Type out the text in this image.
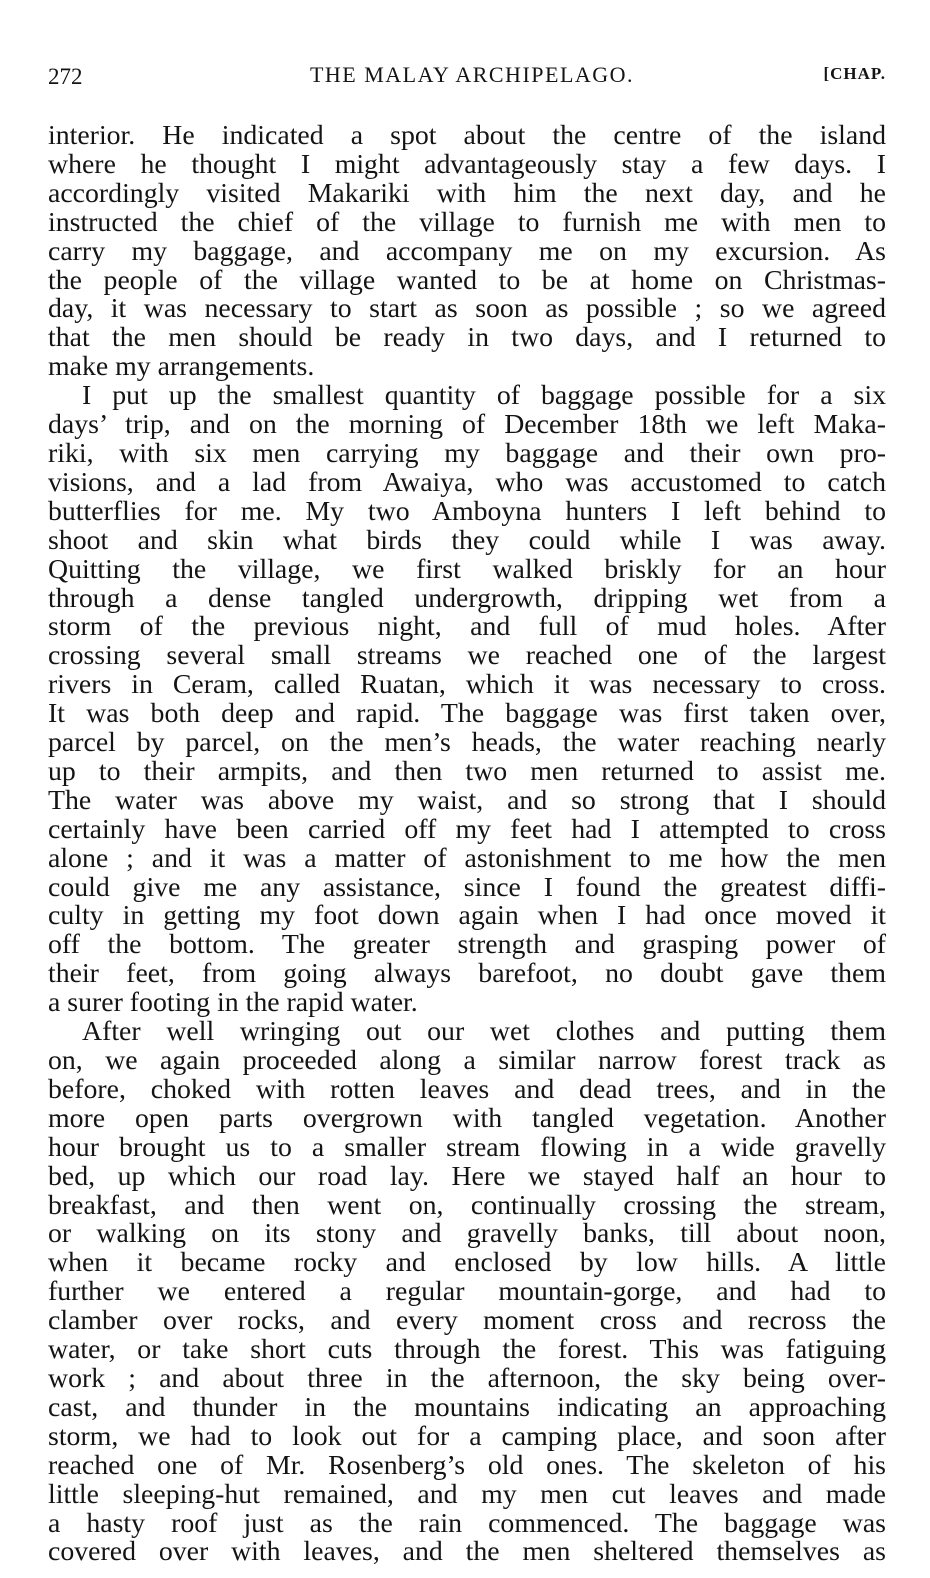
272	THE MALAY ARCHIPELAGO.	[CHAP.

interior. He indicated a spot about the centre of the island
where he thought I might advantageously stay a few days. I
accordingly visited Makariki with him the next day, and he
instructed the chief of the village to furnish me with men to
carry my baggage, and accompany me on my excursion. As
the people of the village wanted to be at home on Christmas-
day, it was necessary to start as soon as possible ; so we agreed
that the men should be ready in two days, and I returned to
make my arrangements.

I put up the smallest quantity of baggage possible for a six
days’ trip, and on the morning of December 18th we left Maka-
riki, with six men carrying my baggage and their own pro-
visions, and a lad from Awaiya, who was accustomed to catch
butterflies for me. My two Amboyna hunters I left behind to
shoot and skin what birds they could while I was away.
Quitting the village, we first walked briskly for an hour
through a dense tangled undergrowth, dripping wet from a
storm of the previous night, and full of mud holes. After
crossing several small streams we reached one of the largest
rivers in Ceram, called Ruatan, which it was necessary to cross.
It was both deep and rapid. The baggage was first taken over,
parcel by parcel, on the men’s heads, the water reaching nearly
up to their armpits, and then two men returned to assist me.
The water was above my waist, and so strong that I should
certainly have been carried off my feet had I attempted to cross
alone ; and it was a matter of astonishment to me how the men
could give me any assistance, since I found the greatest diffi-
culty in getting my foot down again when I had once moved it
off the bottom. The greater strength and grasping power of
their feet, from going always barefoot, no doubt gave them
a surer footing in the rapid water.

After well wringing out our wet clothes and putting them
on, we again proceeded along a similar narrow forest track as
before, choked with rotten leaves and dead trees, and in the
more open parts overgrown with tangled vegetation. Another
hour brought us to a smaller stream flowing in a wide gravelly
bed, up which our road lay. Here we stayed half an hour to
breakfast, and then went on, continually crossing the stream,
or walking on its stony and gravelly banks, till about noon,
when it became rocky and enclosed by low hills. A little
further we entered a regular mountain-gorge, and had to
clamber over rocks, and every moment cross and recross the
water, or take short cuts through the forest. This was fatiguing
work ; and about three in the afternoon, the sky being over-
cast, and thunder in the mountains indicating an approaching
storm, we had to look out for a camping place, and soon after
reached one of Mr. Rosenberg’s old ones. The skeleton of his
little sleeping-hut remained, and my men cut leaves and made
a hasty roof just as the rain commenced. The baggage was
covered over with leaves, and the men sheltered themselves as
